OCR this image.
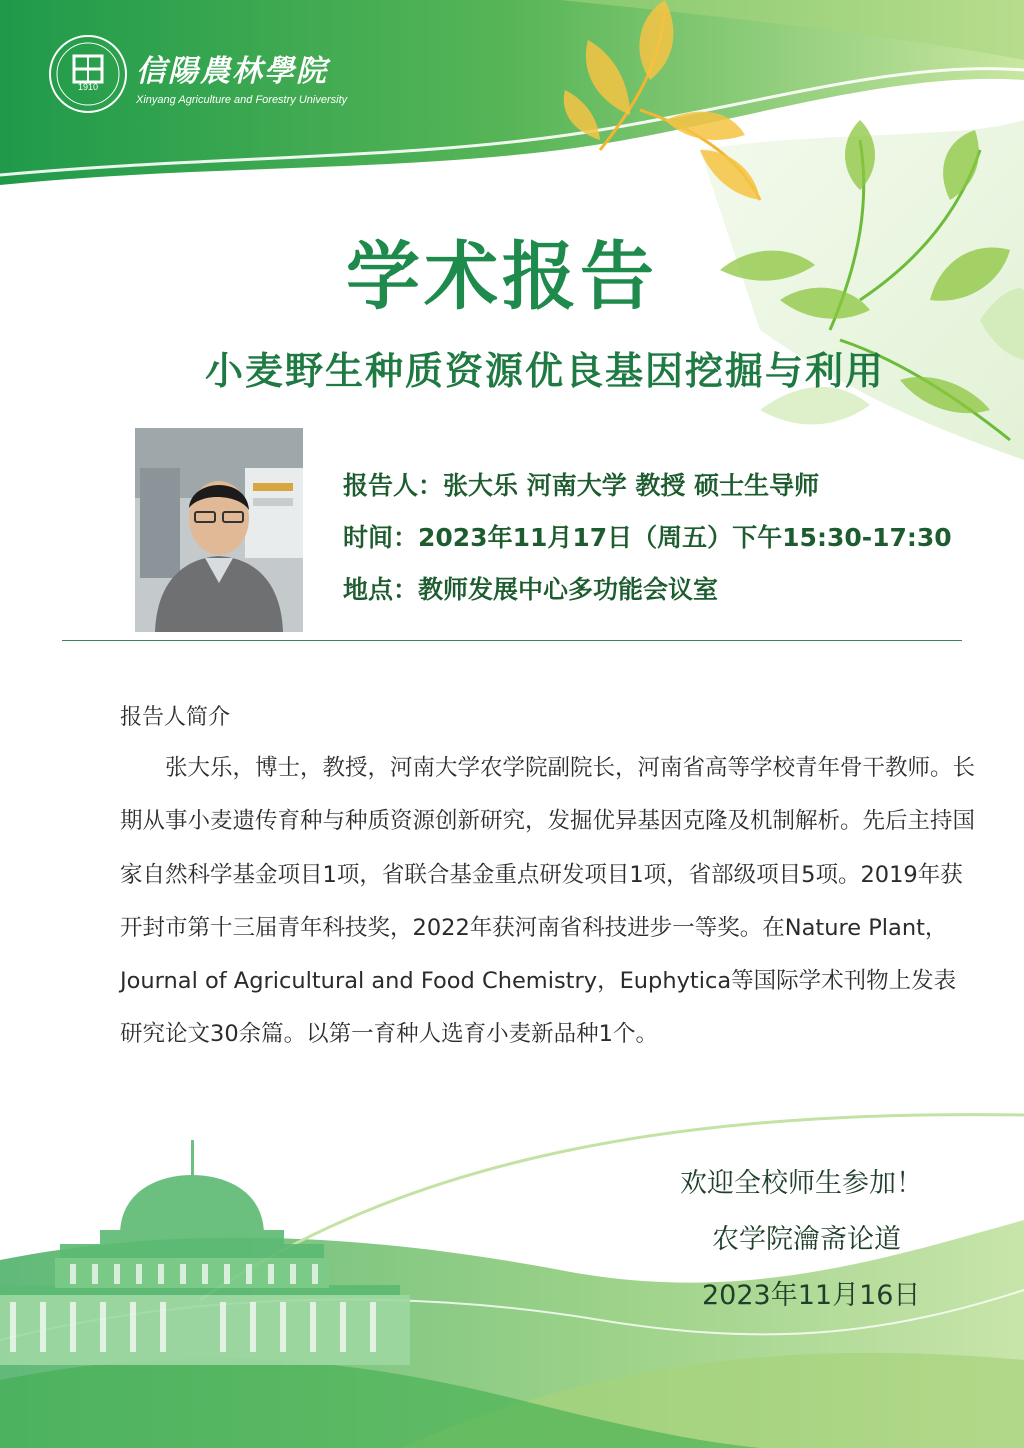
信陽農林學院
Xinyang Agriculture and Forestry University
1910
学术报告
小麦野生种质资源优良基因挖掘与利用
报告人：张大乐 河南大学 教授 硕士生导师
时间：2023年11月17日（周五）下午15:30-17:30
地点：教师发展中心多功能会议室
报告人简介
张大乐，博士，教授，河南大学农学院副院长，河南省高等学校青年骨干教师。长期从事小麦遗传育种与种质资源创新研究，发掘优异基因克隆及机制解析。先后主持国家自然科学基金项目1项，省联合基金重点研发项目1项，省部级项目5项。2019年获开封市第十三届青年科技奖，2022年获河南省科技进步一等奖。在Nature Plant，Journal of Agricultural and Food Chemistry，Euphytica等国际学术刊物上发表研究论文30余篇。以第一育种人选育小麦新品种1个。
欢迎全校师生参加！
农学院瀹斋论道
2023年11月16日
